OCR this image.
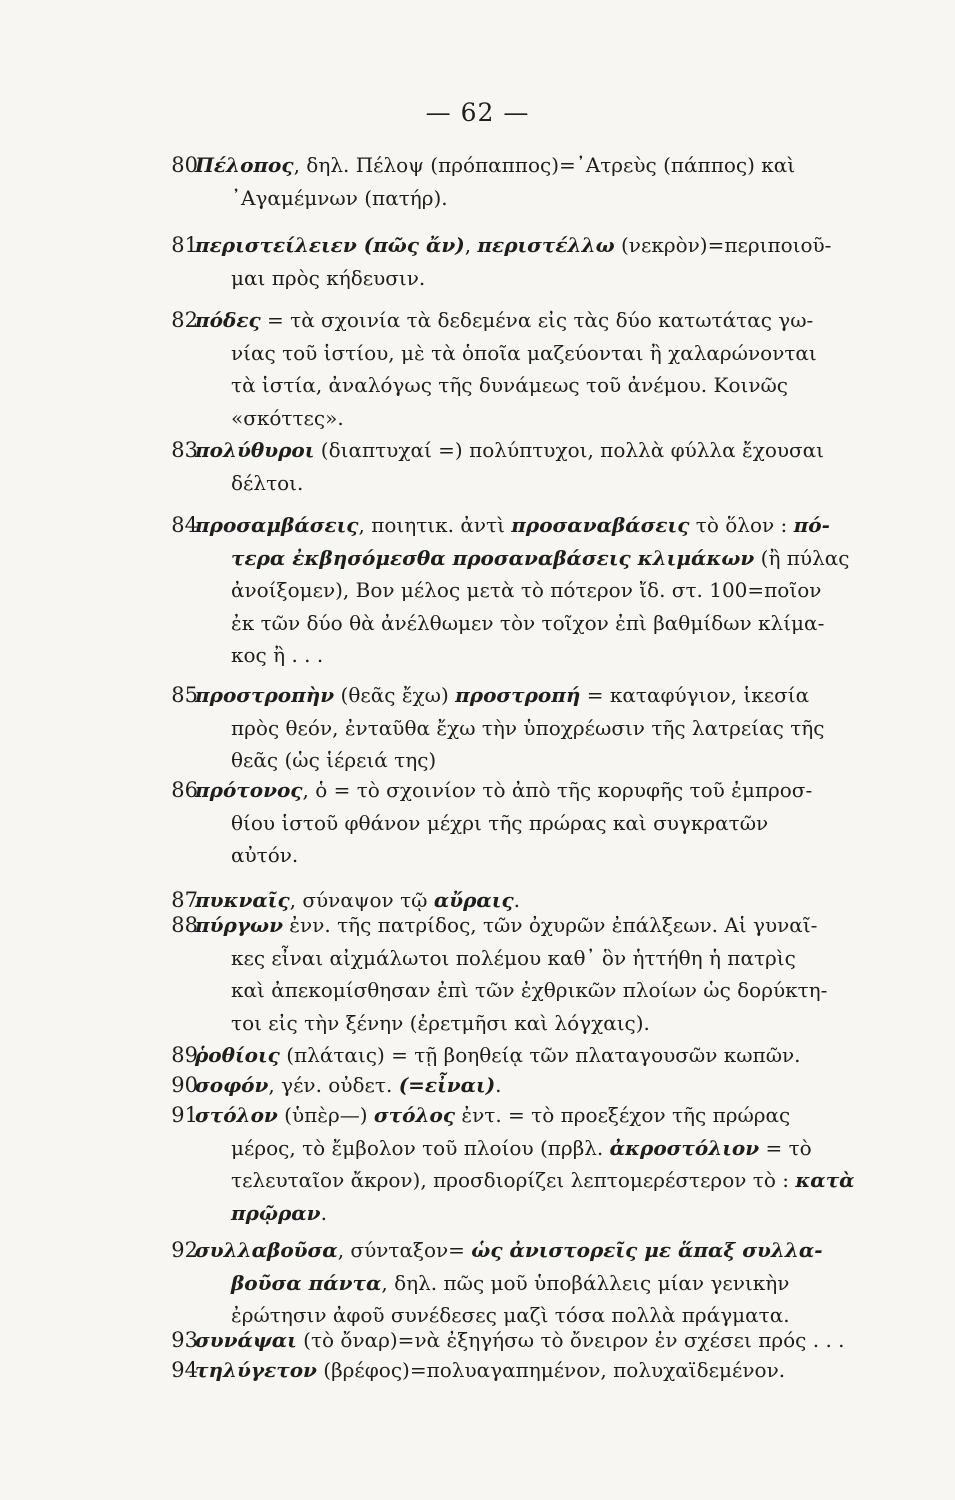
— 62 —
80
Πέλοπος, δηλ. Πέλοψ (πρόπαππος)=᾽Ατρεὺς (πάππος) καὶ
᾽Αγαμέμνων (πατήρ).
81
περιστείλειεν (πῶς ἄν), περιστέλλω (νεκρὸν)=περιποιοῦ-
μαι πρὸς κήδευσιν.
82
πόδες = τὰ σχοινία τὰ δεδεμένα εἰς τὰς δύο κατωτάτας γω-
νίας τοῦ ἱστίου, μὲ τὰ ὁποῖα μαζεύονται ἢ χαλαρώνονται
τὰ ἱστία, ἀναλόγως τῆς δυνάμεως τοῦ ἀνέμου. Κοινῶς
«σκόττες».
83
πολύθυροι (διαπτυχαί =) πολύπτυχοι, πολλὰ φύλλα ἔχουσαι
δέλτοι.
84
προσαμβάσεις, ποιητικ. ἀντὶ προσαναβάσεις τὸ ὅλον : πό-
τερα ἐκβησόμεσθα προσαναβάσεις κλιμάκων (ἢ πύλας
ἀνοίξομεν), Βον μέλος μετὰ τὸ πότερον ἴδ. στ. 100=ποῖον
ἐκ τῶν δύο θὰ ἀνέλθωμεν τὸν τοῖχον ἐπὶ βαθμίδων κλίμα-
κος ἢ . . .
85
προστροπὴν (θεᾶς ἔχω) προστροπή = καταφύγιον, ἱκεσία
πρὸς θεόν, ἐνταῦθα ἔχω τὴν ὑποχρέωσιν τῆς λατρείας τῆς
θεᾶς (ὡς ἱέρειά της)
86
πρότονος, ὁ = τὸ σχοινίον τὸ ἀπὸ τῆς κορυφῆς τοῦ ἐμπροσ-
θίου ἱστοῦ φθάνον μέχρι τῆς πρώρας καὶ συγκρατῶν
αὐτόν.
87
πυκναῖς, σύναψον τῷ αὔραις.
88
πύργων ἐνν. τῆς πατρίδος, τῶν ὀχυρῶν ἐπάλξεων. Αἱ γυναῖ-
κες εἶναι αἰχμάλωτοι πολέμου καθ᾽ ὃν ἡττήθη ἡ πατρὶς
καὶ ἀπεκομίσθησαν ἐπὶ τῶν ἐχθρικῶν πλοίων ὡς δορύκτη-
τοι εἰς τὴν ξένην (ἐρετμῆσι καὶ λόγχαις).
89
ῥοθίοις (πλάταις) = τῇ βοηθείᾳ τῶν πλαταγουσῶν κωπῶν.
90
σοφόν, γέν. οὐδετ. (=εἶναι).
91
στόλον (ὑπὲρ—) στόλος ἐντ. = τὸ προεξέχον τῆς πρώρας
μέρος, τὸ ἔμβολον τοῦ πλοίου (πρβλ. ἀκροστόλιον = τὸ
τελευταῖον ἄκρον), προσδιορίζει λεπτομερέστερον τὸ : κατὰ
πρῷραν.
92
συλλαβοῦσα, σύνταξον= ὡς ἀνιστορεῖς με ἅπαξ συλλα-
βοῦσα πάντα, δηλ. πῶς μοῦ ὑποβάλλεις μίαν γενικὴν
ἐρώτησιν ἀφοῦ συνέδεσες μαζὶ τόσα πολλὰ πράγματα.
93
συνάψαι (τὸ ὄναρ)=νὰ ἐξηγήσω τὸ ὄνειρον ἐν σχέσει πρός . . .
94
τηλύγετον (βρέφος)=πολυαγαπημένον, πολυχαϊδεμένον.
